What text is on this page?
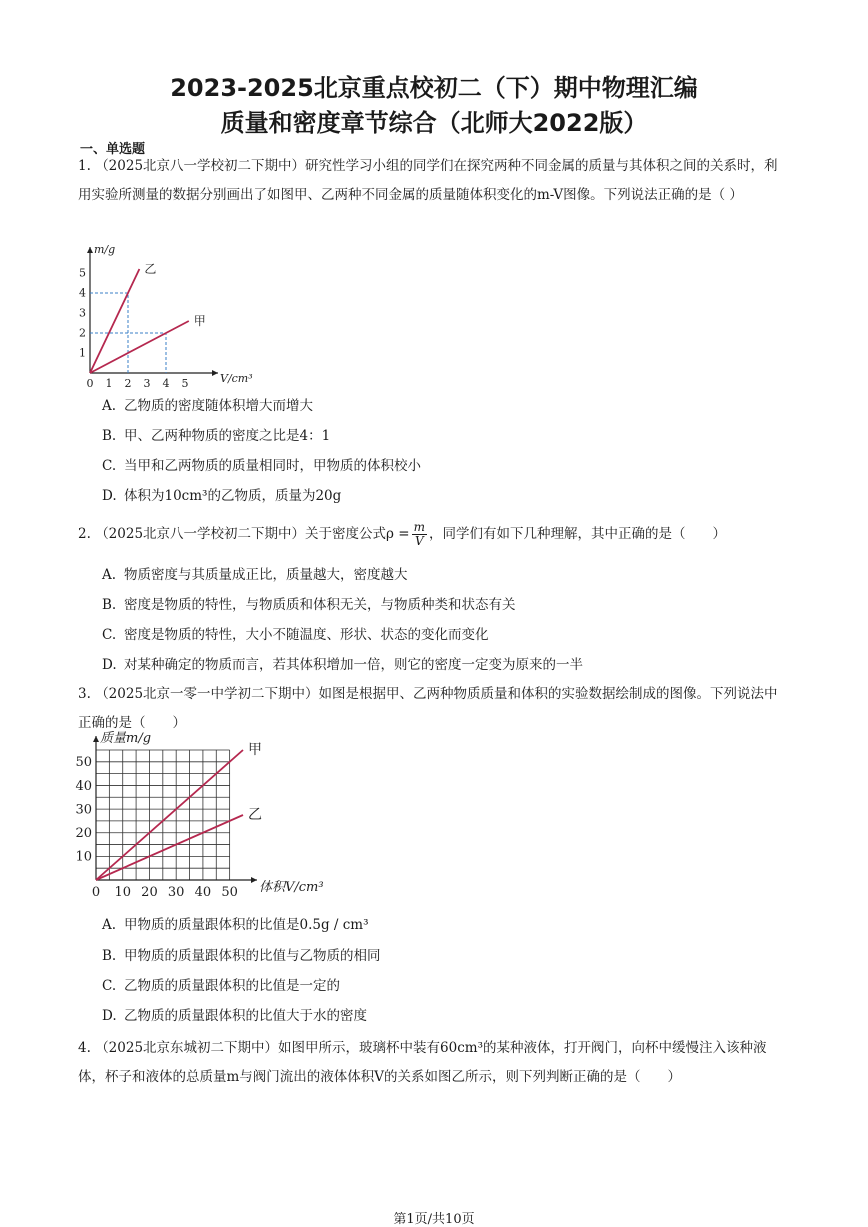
2023-2025北京重点校初二（下）期中物理汇编
质量和密度章节综合（北师大2022版）
一、单选题
1. （2025北京八一学校初二下期中）研究性学习小组的同学们在探究两种不同金属的质量与其体积之间的关系时，利用实验所测量的数据分别画出了如图甲、乙两种不同金属的质量随体积变化的m-V图像。下列说法正确的是（ ）
乙
甲
0 1 2 3 4 5
1
2
3
4
5
V/cm³
m/g
A. 乙物质的密度随体积增大而增大
B. 甲、乙两种物质的密度之比是4：1
C. 当甲和乙两物质的质量相同时，甲物质的体积校小
D. 体积为10cm³的乙物质，质量为20g
2. （2025北京八一学校初二下期中）关于密度公式$\rho = \frac{m}{V}$ ，同学们有如下几种理解，其中正确的是（　　）
A. 物质密度与其质量成正比，质量越大，密度越大
B. 密度是物质的特性，与物质质和体积无关，与物质种类和状态有关
C. 密度是物质的特性，大小不随温度、形状、状态的变化而变化
D. 对某种确定的物质而言，若其体积增加一倍，则它的密度一定变为原来的一半
3. （2025北京一零一中学初二下期中）如图是根据甲、乙两种物质质量和体积的实验数据绘制成的图像。下列说法中正确的是（　　）
甲
乙
0 10 20 30 40 50
10
20
30
40
50
体积V/cm³
质量m/g
A. 甲物质的质量跟体积的比值是0.5g / cm³
B. 甲物质的质量跟体积的比值与乙物质的相同
C. 乙物质的质量跟体积的比值是一定的
D. 乙物质的质量跟体积的比值大于水的密度
4. （2025北京东城初二下期中）如图甲所示，玻璃杯中装有60cm³的某种液体，打开阀门，向杯中缓慢注入该种液体，杯子和液体的总质量m与阀门流出的液体体积V的关系如图乙所示，则下列判断正确的是（　　）
第1页/共10页
